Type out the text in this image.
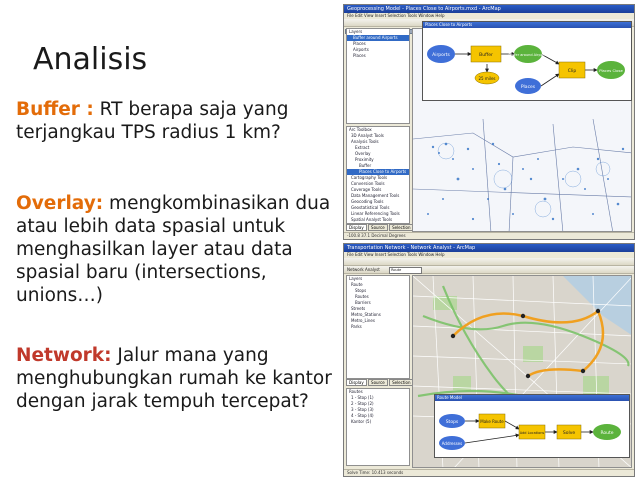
Analisis
Buffer : RT berapa saja yang terjangkau TPS radius 1 km?
Overlay: mengkombinasikan dua atau lebih data spasial untuk menghasilkan layer atau data spasial baru (intersections, unions…)
Network: Jalur mana yang menghubungkan rumah ke kantor dengan jarak tempuh tercepat?
Geoprocessing Model - Places Close to Airports.mxd - ArcMap
File Edit View Insert Selection Tools Window Help
Layers
Buffer around Airports
Places
Airports
Places
Arc Toolbox
3D Analyst Tools
Analysis Tools
Extract
Overlay
Proximity
Buffer
Places Close to Airports
Cartography Tools
Conversion Tools
Coverage Tools
Data Management Tools
Geocoding Tools
Geostatistical Tools
Linear Referencing Tools
Spatial Analyst Tools
Display Source Selection
Places Close to Airports
Airports	Buffer
25 miles
Buffer around Airports
Places
Clip	Places Close
-100.8 37.1 Decimal Degrees
Transportation Network - Network Analyst - ArcMap
File Edit View Insert Selection Tools Window Help
Network Analyst	Route
Layers
Route
Stops
Routes
Barriers
Streets
Metro_Stations
Metro_Lines
Parks
Display Source Selection
Routes
1 - Stop (1)
2 - Stop (2)
3 - Stop (3)
4 - Stop (4)
Kantor (5)
Route Model
Stops
Addresses
Make Route
Add Locations	Solve	Route
Solve Time: 10.413 seconds
